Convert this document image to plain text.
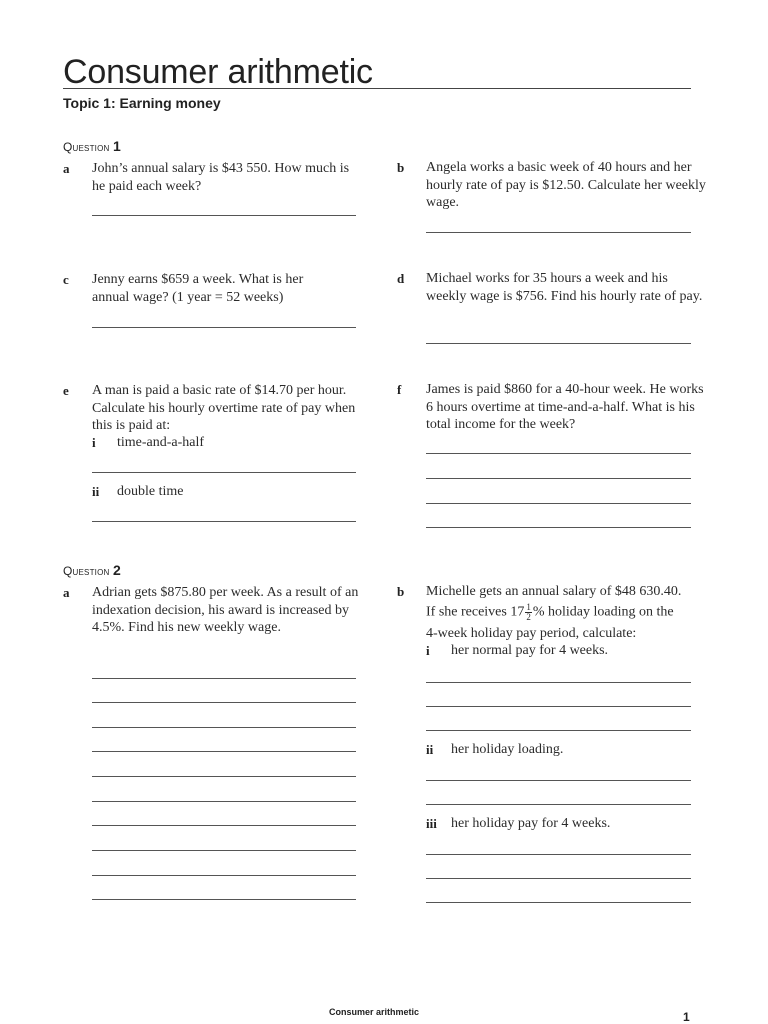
Consumer arithmetic
Topic 1: Earning money
Question 1
a John’s annual salary is $43 550. How much is he paid each week?
b Angela works a basic week of 40 hours and her hourly rate of pay is $12.50. Calculate her weekly wage.
c Jenny earns $659 a week. What is her annual wage? (1 year = 52 weeks)
d Michael works for 35 hours a week and his weekly wage is $756. Find his hourly rate of pay.
e A man is paid a basic rate of $14.70 per hour. Calculate his hourly overtime rate of pay when this is paid at:
i time-and-a-half
ii double time
f James is paid $860 for a 40-hour week. He works 6 hours overtime at time-and-a-half. What is his total income for the week?
Question 2
a Adrian gets $875.80 per week. As a result of an indexation decision, his award is increased by 4.5%. Find his new weekly wage.
b Michelle gets an annual salary of $48 630.40.
If she receives $17 \frac{1}{2}$ % holiday loading on the
4-week holiday pay period, calculate:
i her normal pay for 4 weeks.
ii her holiday loading.
iii her holiday pay for 4 weeks.
Consumer arithmetic	1
